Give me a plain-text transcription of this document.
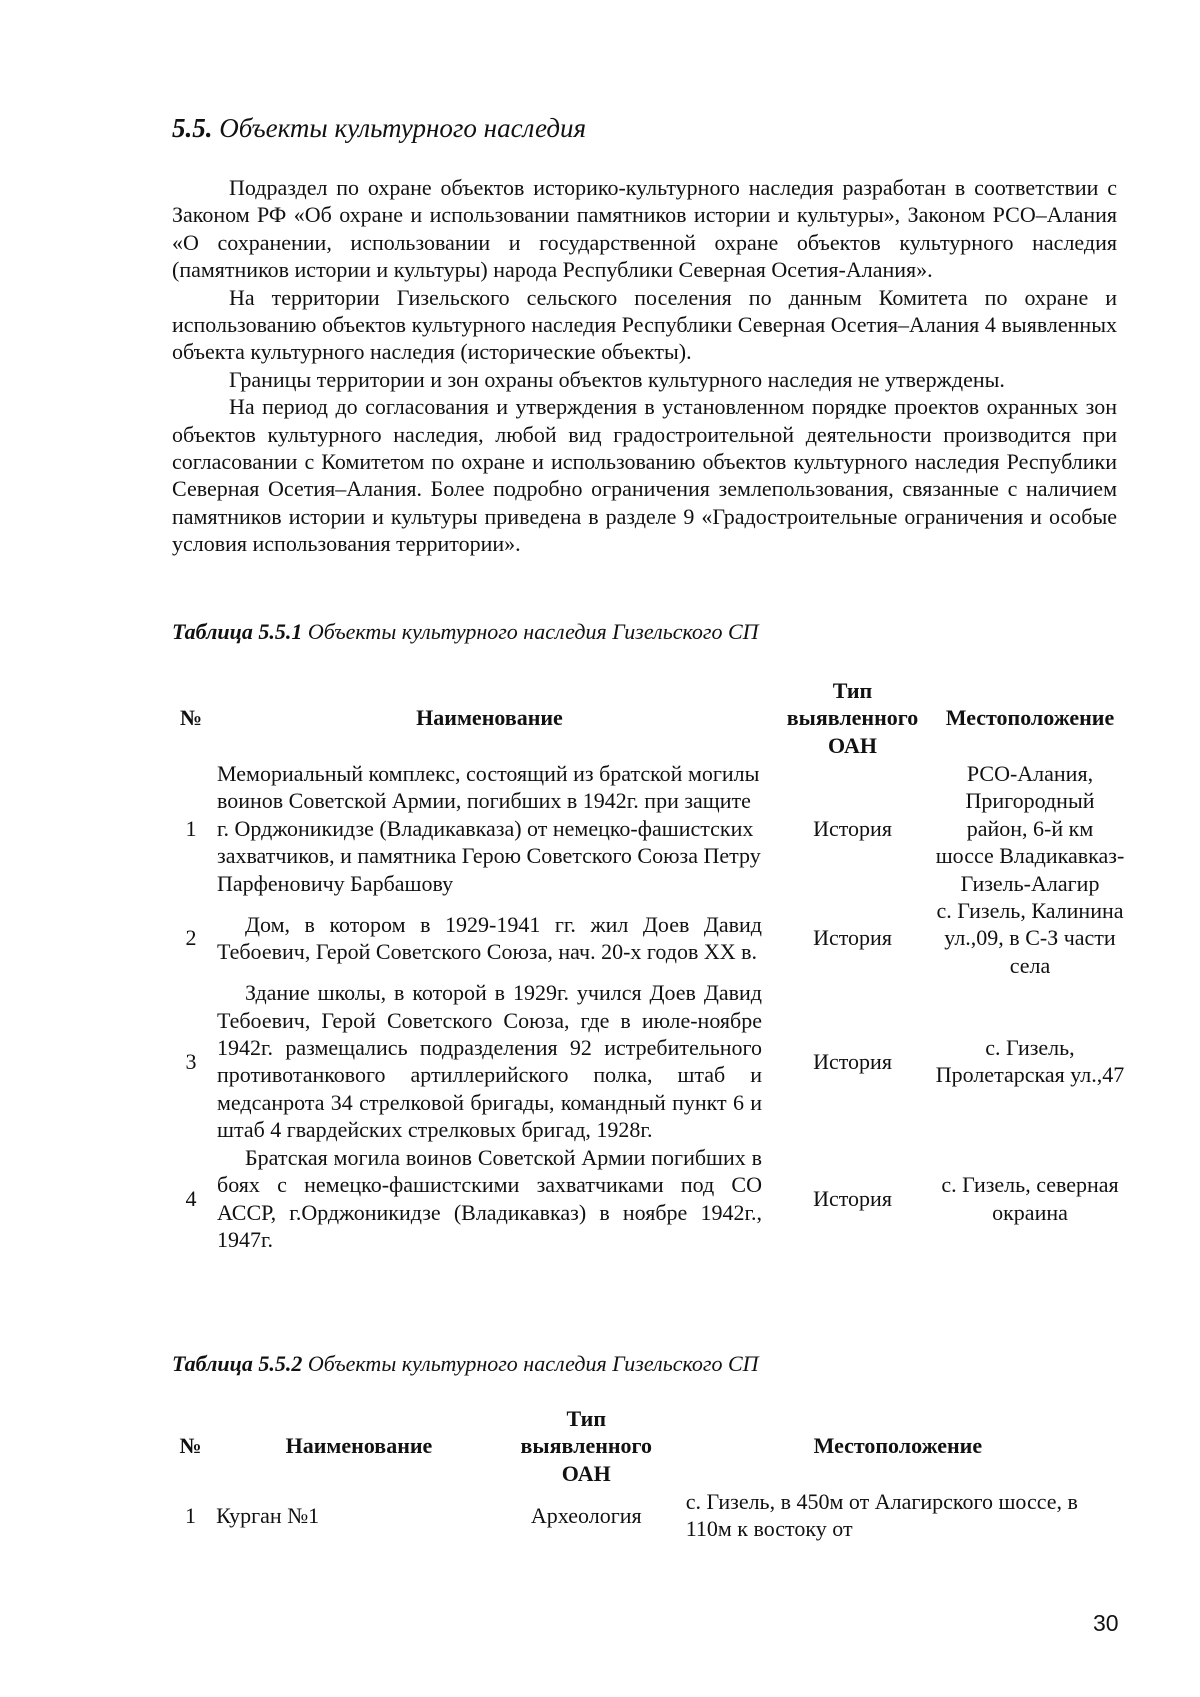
5.5. Объекты культурного наследия

Подраздел по охране объектов историко-культурного наследия разработан в соответствии с Законом РФ «Об охране и использовании памятников истории и культуры», Законом РСО–Алания «О сохранении, использовании и государственной охране объектов культурного наследия (памятников истории и культуры) народа Республики Северная Осетия-Алания».

На территории Гизельского сельского поселения по данным Комитета по охране и использованию объектов культурного наследия Республики Северная Осетия–Алания 4 выявленных объекта культурного наследия (исторические объекты).

Границы территории и зон охраны объектов культурного наследия не утверждены.

На период до согласования и утверждения в установленном порядке проектов охранных зон объектов культурного наследия, любой вид градостроительной деятельности производится при согласовании с Комитетом по охране и использованию объектов культурного наследия Республики Северная Осетия–Алания. Более подробно ограничения землепользования, связанные с наличием памятников истории и культуры приведена в разделе 9 «Градостроительные ограничения и особые условия использования территории».

Таблица 5.5.1 Объекты культурного наследия Гизельского СП
№	Наименование	Тип выявленного ОАН	Местоположение
1	Мемориальный комплекс, состоящий из братской могилы воинов Советской Армии, погибших в 1942г. при защите г. Орджоникидзе (Владикавказа) от немецко-фашистских захватчиков, и памятника Герою Советского Союза Петру Парфеновичу Барбашову	История	РСО-Алания, Пригородный район, 6-й км шоссе Владикавказ-Гизель-Алагир
2	Дом, в котором в 1929-1941 гг. жил Доев Давид Тебоевич, Герой Советского Союза, нач. 20-х годов XX в.	История	с. Гизель, Калинина ул.,09, в С-З части села
3	Здание школы, в которой в 1929г. учился Доев Давид Тебоевич, Герой Советского Союза, где в июле-ноябре 1942г. размещались подразделения 92 истребительного противотанкового артиллерийского полка, штаб и медсанрота 34 стрелковой бригады, командный пункт 6 и штаб 4 гвардейских стрелковых бригад, 1928г.	История	с. Гизель, Пролетарская ул.,47
4	Братская могила воинов Советской Армии погибших в боях с немецко-фашистскими захватчиками под СО АССР, г.Орджоникидзе (Владикавказ) в ноябре 1942г., 1947г.	История	с. Гизель, северная окраина
Таблица 5.5.2 Объекты культурного наследия Гизельского СП
№	Наименование	Тип выявленного ОАН	Местоположение
1	Курган №1	Археология	с. Гизель, в 450м от Алагирского шоссе, в 110м к востоку от
30
